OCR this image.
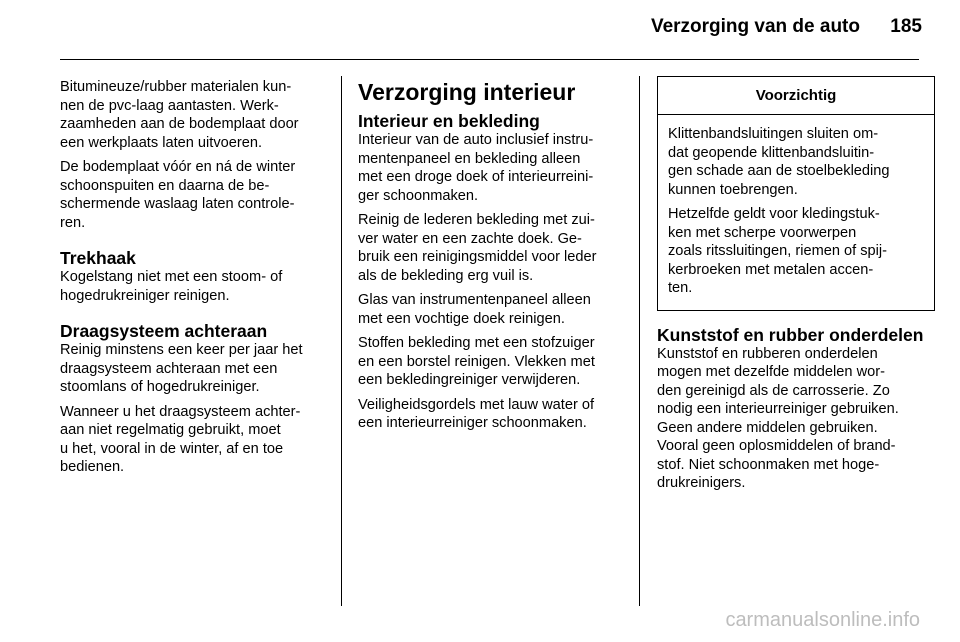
Verzorging van de auto	185

Bitumineuze/rubber materialen kun-
nen de pvc-laag aantasten. Werk-
zaamheden aan de bodemplaat door
een werkplaats laten uitvoeren.

De bodemplaat vóór en ná de winter
schoonspuiten en daarna de be-
schermende waslaag laten controle-
ren.

Trekhaak

Kogelstang niet met een stoom- of
hogedrukreiniger reinigen.

Draagsysteem achteraan

Reinig minstens een keer per jaar het
draagsysteem achteraan met een
stoomlans of hogedrukreiniger.

Wanneer u het draagsysteem achter-
aan niet regelmatig gebruikt, moet
u het, vooral in de winter, af en toe
bedienen.

Verzorging interieur
Interieur en bekleding

Interieur van de auto inclusief instru-
mentenpaneel en bekleding alleen
met een droge doek of interieurreini-
ger schoonmaken.

Reinig de lederen bekleding met zui-
ver water en een zachte doek. Ge-
bruik een reinigingsmiddel voor leder
als de bekleding erg vuil is.

Glas van instrumentenpaneel alleen
met een vochtige doek reinigen.

Stoffen bekleding met een stofzuiger
en een borstel reinigen. Vlekken met
een bekledingreiniger verwijderen.

Veiligheidsgordels met lauw water of
een interieurreiniger schoonmaken.

Voorzichtig

Klittenbandsluitingen sluiten om-
dat geopende klittenbandsluitin-
gen schade aan de stoelbekleding
kunnen toebrengen.

Hetzelfde geldt voor kledingstuk-
ken met scherpe voorwerpen
zoals ritssluitingen, riemen of spij-
kerbroeken met metalen accen-
ten.

Kunststof en rubber onderdelen

Kunststof en rubberen onderdelen
mogen met dezelfde middelen wor-
den gereinigd als de carrosserie. Zo
nodig een interieurreiniger gebruiken.
Geen andere middelen gebruiken.
Vooral geen oplosmiddelen of brand-
stof. Niet schoonmaken met hoge-
drukreinigers.

carmanualsonline.info
